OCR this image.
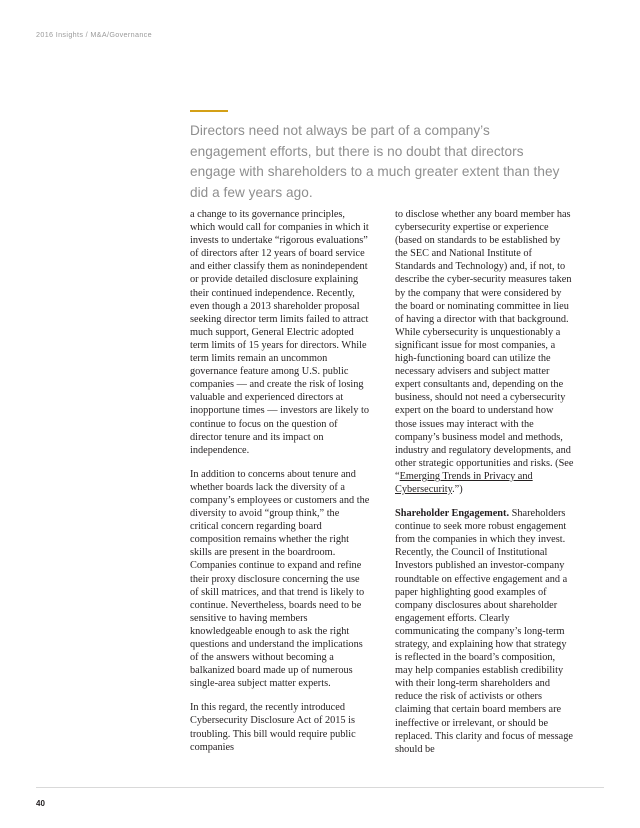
2016 Insights / M&A/Governance
Directors need not always be part of a company’s engagement efforts, but there is no doubt that directors engage with shareholders to a much greater extent than they did a few years ago.

a change to its governance principles, which would call for companies in which it invests to undertake “rigorous evaluations” of directors after 12 years of board service and either classify them as nonindependent or provide detailed disclosure explaining their continued independence. Recently, even though a 2013 shareholder proposal seeking director term limits failed to attract much support, General Electric adopted term limits of 15 years for directors. While term limits remain an uncommon governance feature among U.S. public companies — and create the risk of losing valuable and experienced directors at inopportune times — investors are likely to continue to focus on the question of director tenure and its impact on independence.

In addition to concerns about tenure and whether boards lack the diversity of a company’s employees or customers and the diversity to avoid “group think,” the critical concern regarding board composition remains whether the right skills are present in the boardroom. Companies continue to expand and refine their proxy disclosure concerning the use of skill matrices, and that trend is likely to continue. Nevertheless, boards need to be sensitive to having members knowledgeable enough to ask the right questions and understand the implications of the answers without becoming a balkanized board made up of numerous single-area subject matter experts.

In this regard, the recently introduced Cybersecurity Disclosure Act of 2015 is troubling. This bill would require public companies

to disclose whether any board member has cybersecurity expertise or experience (based on standards to be established by the SEC and National Institute of Standards and Technology) and, if not, to describe the cyber-security measures taken by the company that were considered by the board or nominating committee in lieu of having a director with that background. While cybersecurity is unquestionably a significant issue for most companies, a high-functioning board can utilize the necessary advisers and subject matter expert consultants and, depending on the business, should not need a cybersecurity expert on the board to understand how those issues may interact with the company’s business model and methods, industry and regulatory developments, and other strategic opportunities and risks. (See “Emerging Trends in Privacy and Cybersecurity.”)

Shareholder Engagement. Shareholders continue to seek more robust engagement from the companies in which they invest. Recently, the Council of Institutional Investors published an investor-company roundtable on effective engagement and a paper highlighting good examples of company disclosures about shareholder engagement efforts. Clearly communicating the company’s long-term strategy, and explaining how that strategy is reflected in the board’s composition, may help companies establish credibility with their long-term shareholders and reduce the risk of activists or others claiming that certain board members are ineffective or irrelevant, or should be replaced. This clarity and focus of message should be

40
